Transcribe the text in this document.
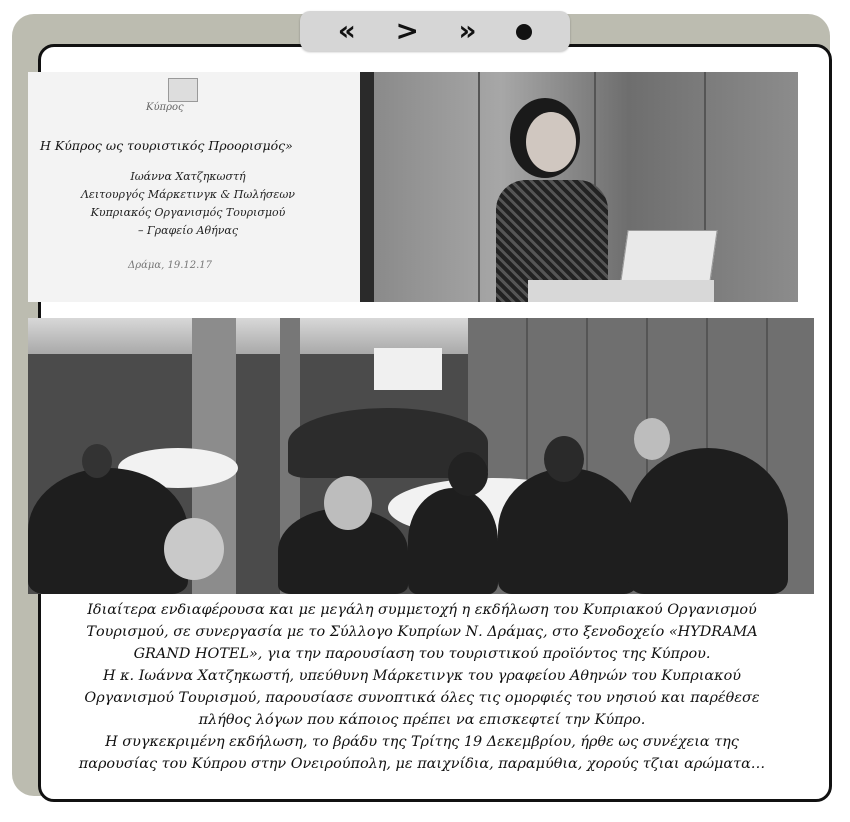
« > »
Κύπρος
Η Κύπρος ως τουριστικός Προορισμός»
Ιωάννα Χατζηκωστή
Λειτουργός Μάρκετινγκ & Πωλήσεων
Κυπριακός Οργανισμός Τουρισμού
– Γραφείο Αθήνας
Δράμα, 19.12.17

Ιδιαίτερα ενδιαφέρουσα και με μεγάλη συμμετοχή η εκδήλωση του Κυπριακού Οργανισμού

Τουρισμού, σε συνεργασία με το Σύλλογο Κυπρίων Ν. Δράμας, στο ξενοδοχείο «HYDRAMA

GRAND HOTEL», για την παρουσίαση του τουριστικού προϊόντος της Κύπρου.

Η κ. Ιωάννα Χατζηκωστή, υπεύθυνη Μάρκετινγκ του γραφείου Αθηνών του Κυπριακού

Οργανισμού Τουρισμού, παρουσίασε συνοπτικά όλες τις ομορφιές του νησιού και παρέθεσε

πλήθος λόγων που κάποιος πρέπει να επισκεφτεί την Κύπρο.

Η συγκεκριμένη εκδήλωση, το βράδυ της Τρίτης 19 Δεκεμβρίου, ήρθε ως συνέχεια της

παρουσίας του Κύπρου στην Ονειρούπολη, με παιχνίδια, παραμύθια, χορούς τζιαι αρώματα…
